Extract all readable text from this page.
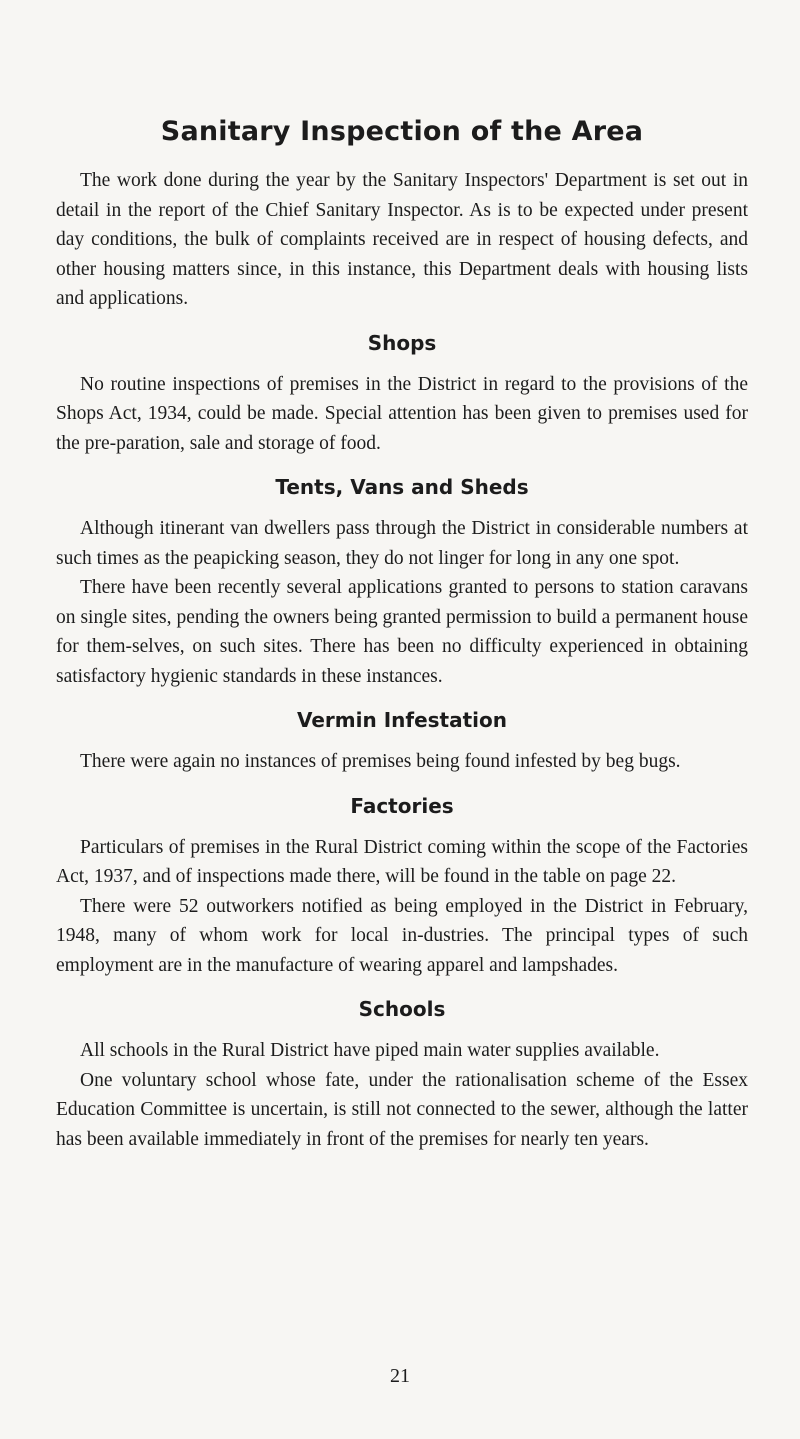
Sanitary Inspection of the Area

The work done during the year by the Sanitary Inspectors' Department is set out in detail in the report of the Chief Sanitary Inspector. As is to be expected under present day conditions, the bulk of complaints received are in respect of housing defects, and other housing matters since, in this instance, this Department deals with housing lists and applications.

Shops

No routine inspections of premises in the District in regard to the provisions of the Shops Act, 1934, could be made. Special attention has been given to premises used for the pre-paration, sale and storage of food.

Tents, Vans and Sheds

Although itinerant van dwellers pass through the District in considerable numbers at such times as the peapicking season, they do not linger for long in any one spot.

There have been recently several applications granted to persons to station caravans on single sites, pending the owners being granted permission to build a permanent house for them-selves, on such sites. There has been no difficulty experienced in obtaining satisfactory hygienic standards in these instances.

Vermin Infestation

There were again no instances of premises being found infested by beg bugs.

Factories

Particulars of premises in the Rural District coming within the scope of the Factories Act, 1937, and of inspections made there, will be found in the table on page 22.

There were 52 outworkers notified as being employed in the District in February, 1948, many of whom work for local in-dustries. The principal types of such employment are in the manufacture of wearing apparel and lampshades.

Schools

All schools in the Rural District have piped main water supplies available.

One voluntary school whose fate, under the rationalisation scheme of the Essex Education Committee is uncertain, is still not connected to the sewer, although the latter has been available immediately in front of the premises for nearly ten years.

21
